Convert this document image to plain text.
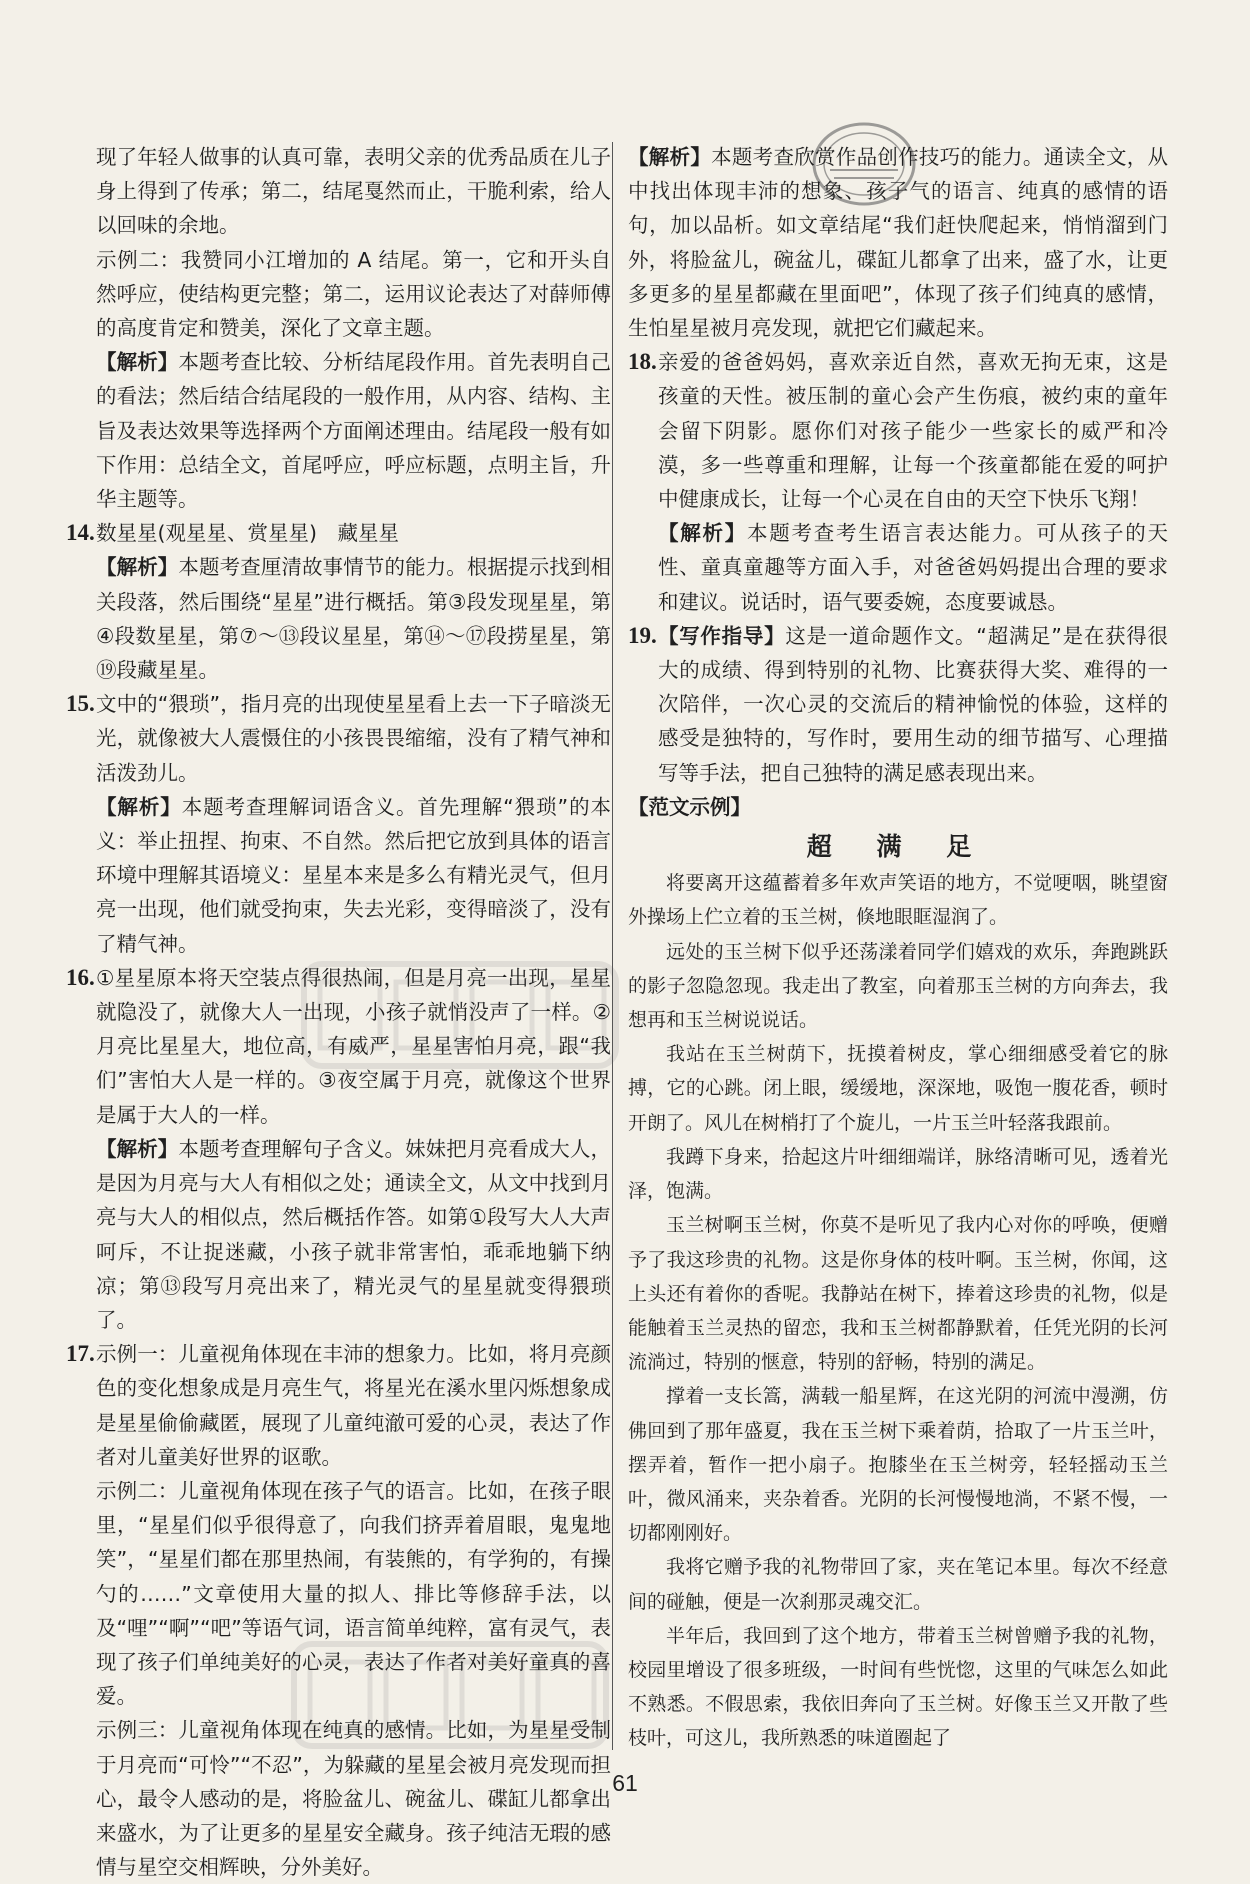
现了年轻人做事的认真可靠，表明父亲的优秀品质在儿子身上得到了传承；第二，结尾戛然而止，干脆利索，给人以回味的余地。

示例二：我赞同小江增加的 A 结尾。第一，它和开头自然呼应，使结构更完整；第二，运用议论表达了对薛师傅的高度肯定和赞美，深化了文章主题。

【解析】本题考查比较、分析结尾段作用。首先表明自己的看法；然后结合结尾段的一般作用，从内容、结构、主旨及表达效果等选择两个方面阐述理由。结尾段一般有如下作用：总结全文，首尾呼应，呼应标题，点明主旨，升华主题等。

14. 数星星(观星星、赏星星)　藏星星

【解析】本题考查厘清故事情节的能力。根据提示找到相关段落，然后围绕“星星”进行概括。第③段发现星星，第④段数星星，第⑦～⑬段议星星，第⑭～⑰段捞星星，第⑲段藏星星。

15. 文中的“猥琐”，指月亮的出现使星星看上去一下子暗淡无光，就像被大人震慑住的小孩畏畏缩缩，没有了精气神和活泼劲儿。

【解析】本题考查理解词语含义。首先理解“猥琐”的本义：举止扭捏、拘束、不自然。然后把它放到具体的语言环境中理解其语境义：星星本来是多么有精光灵气，但月亮一出现，他们就受拘束，失去光彩，变得暗淡了，没有了精气神。

16. ①星星原本将天空装点得很热闹，但是月亮一出现，星星就隐没了，就像大人一出现，小孩子就悄没声了一样。②月亮比星星大，地位高，有威严，星星害怕月亮，跟“我们”害怕大人是一样的。③夜空属于月亮，就像这个世界是属于大人的一样。

【解析】本题考查理解句子含义。妹妹把月亮看成大人，是因为月亮与大人有相似之处；通读全文，从文中找到月亮与大人的相似点，然后概括作答。如第①段写大人大声呵斥，不让捉迷藏，小孩子就非常害怕，乖乖地躺下纳凉；第⑬段写月亮出来了，精光灵气的星星就变得猥琐了。

17. 示例一：儿童视角体现在丰沛的想象力。比如，将月亮颜色的变化想象成是月亮生气，将星光在溪水里闪烁想象成是星星偷偷藏匿，展现了儿童纯澈可爱的心灵，表达了作者对儿童美好世界的讴歌。

示例二：儿童视角体现在孩子气的语言。比如，在孩子眼里，“星星们似乎很得意了，向我们挤弄着眉眼，鬼鬼地笑”，“星星们都在那里热闹，有装熊的，有学狗的，有操勺的……”文章使用大量的拟人、排比等修辞手法，以及“哩”“啊”“吧”等语气词，语言简单纯粹，富有灵气，表现了孩子们单纯美好的心灵，表达了作者对美好童真的喜爱。

示例三：儿童视角体现在纯真的感情。比如，为星星受制于月亮而“可怜”“不忍”，为躲藏的星星会被月亮发现而担心，最令人感动的是，将脸盆儿、碗盆儿、碟缸儿都拿出来盛水，为了让更多的星星安全藏身。孩子纯洁无瑕的感情与星空交相辉映，分外美好。

【解析】本题考查欣赏作品创作技巧的能力。通读全文，从中找出体现丰沛的想象、孩子气的语言、纯真的感情的语句，加以品析。如文章结尾“我们赶快爬起来，悄悄溜到门外，将脸盆儿，碗盆儿，碟缸儿都拿了出来，盛了水，让更多更多的星星都藏在里面吧”，体现了孩子们纯真的感情，生怕星星被月亮发现，就把它们藏起来。

18. 亲爱的爸爸妈妈，喜欢亲近自然，喜欢无拘无束，这是孩童的天性。被压制的童心会产生伤痕，被约束的童年会留下阴影。愿你们对孩子能少一些家长的威严和冷漠，多一些尊重和理解，让每一个孩童都能在爱的呵护中健康成长，让每一个心灵在自由的天空下快乐飞翔！

【解析】本题考查考生语言表达能力。可从孩子的天性、童真童趣等方面入手，对爸爸妈妈提出合理的要求和建议。说话时，语气要委婉，态度要诚恳。

19. 【写作指导】这是一道命题作文。“超满足”是在获得很大的成绩、得到特别的礼物、比赛获得大奖、难得的一次陪伴，一次心灵的交流后的精神愉悦的体验，这样的感受是独特的，写作时，要用生动的细节描写、心理描写等手法，把自己独特的满足感表现出来。

【范文示例】

超 满 足

将要离开这蕴蓄着多年欢声笑语的地方，不觉哽咽，眺望窗外操场上伫立着的玉兰树，倏地眼眶湿润了。

远处的玉兰树下似乎还荡漾着同学们嬉戏的欢乐，奔跑跳跃的影子忽隐忽现。我走出了教室，向着那玉兰树的方向奔去，我想再和玉兰树说说话。

我站在玉兰树荫下，抚摸着树皮，掌心细细感受着它的脉搏，它的心跳。闭上眼，缓缓地，深深地，吸饱一腹花香，顿时开朗了。风儿在树梢打了个旋儿，一片玉兰叶轻落我跟前。

我蹲下身来，拾起这片叶细细端详，脉络清晰可见，透着光泽，饱满。

玉兰树啊玉兰树，你莫不是听见了我内心对你的呼唤，便赠予了我这珍贵的礼物。这是你身体的枝叶啊。玉兰树，你闻，这上头还有着你的香呢。我静站在树下，捧着这珍贵的礼物，似是能触着玉兰灵热的留恋，我和玉兰树都静默着，任凭光阴的长河流淌过，特别的惬意，特别的舒畅，特别的满足。

撑着一支长篙，满载一船星辉，在这光阴的河流中漫溯，仿佛回到了那年盛夏，我在玉兰树下乘着荫，拾取了一片玉兰叶，摆弄着，暂作一把小扇子。抱膝坐在玉兰树旁，轻轻摇动玉兰叶，微风涌来，夹杂着香。光阴的长河慢慢地淌，不紧不慢，一切都刚刚好。

我将它赠予我的礼物带回了家，夹在笔记本里。每次不经意间的碰触，便是一次刹那灵魂交汇。

半年后，我回到了这个地方，带着玉兰树曾赠予我的礼物，校园里增设了很多班级，一时间有些恍惚，这里的气味怎么如此不熟悉。不假思索，我依旧奔向了玉兰树。好像玉兰又开散了些枝叶，可这儿，我所熟悉的味道圈起了

61
